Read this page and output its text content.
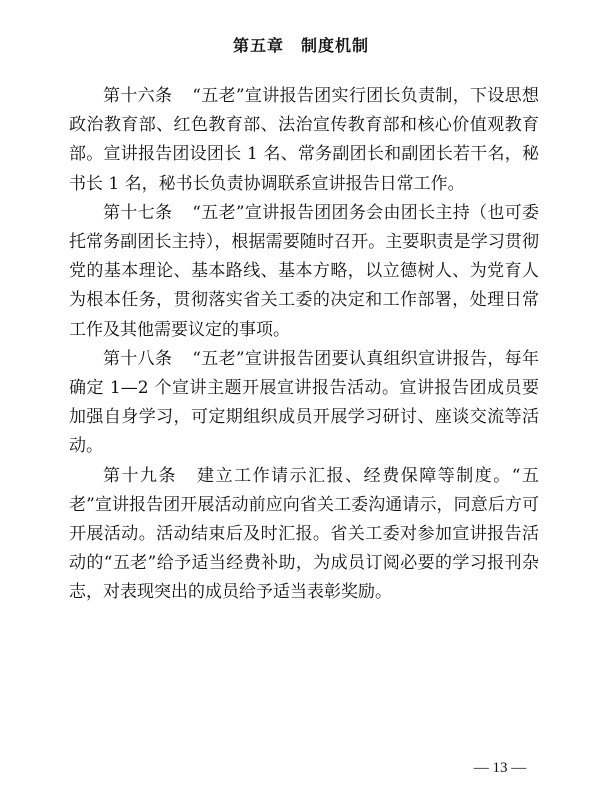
第五章　制度机制

第十六条 “五老”宣讲报告团实行团长负责制，下设思想政治教育部、红色教育部、法治宣传教育部和核心价值观教育部。宣讲报告团设团长 1 名、常务副团长和副团长若干名，秘书长 1 名，秘书长负责协调联系宣讲报告日常工作。

第十七条 “五老”宣讲报告团团务会由团长主持（也可委托常务副团长主持），根据需要随时召开。主要职责是学习贯彻党的基本理论、基本路线、基本方略，以立德树人、为党育人为根本任务，贯彻落实省关工委的决定和工作部署，处理日常工作及其他需要议定的事项。

第十八条 “五老”宣讲报告团要认真组织宣讲报告，每年确定 1—2 个宣讲主题开展宣讲报告活动。宣讲报告团成员要加强自身学习，可定期组织成员开展学习研讨、座谈交流等活动。

第十九条 建立工作请示汇报、经费保障等制度。“五老”宣讲报告团开展活动前应向省关工委沟通请示，同意后方可开展活动。活动结束后及时汇报。省关工委对参加宣讲报告活动的“五老”给予适当经费补助，为成员订阅必要的学习报刊杂志，对表现突出的成员给予适当表彰奖励。

— 13 —
